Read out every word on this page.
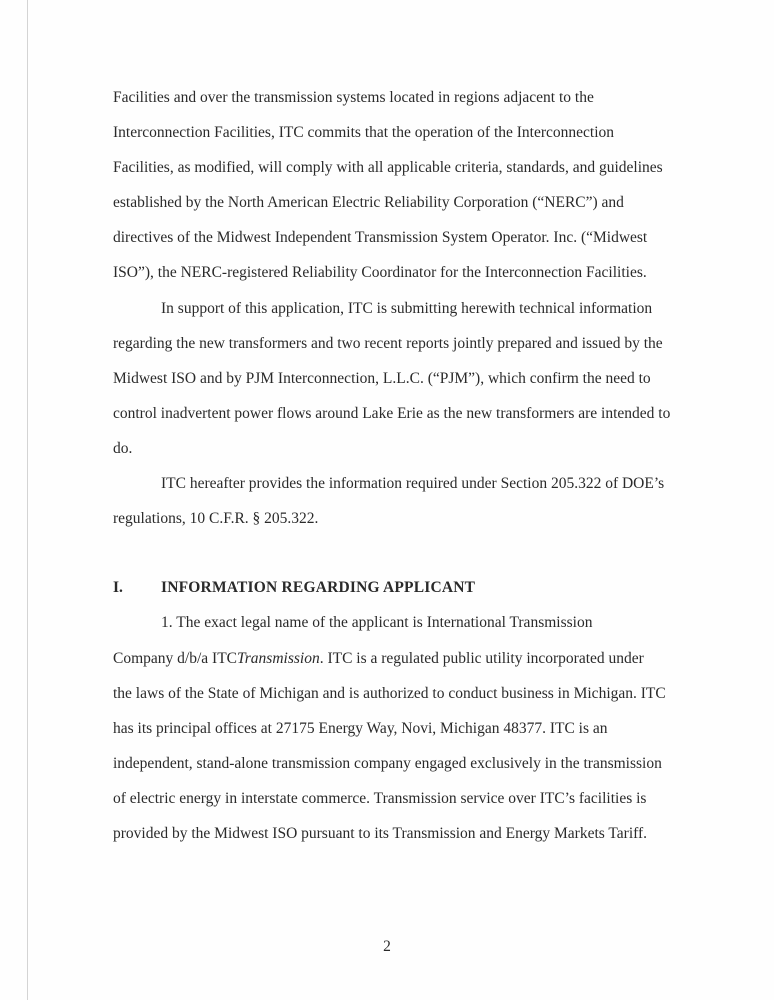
Facilities and over the transmission systems located in regions adjacent to the
Interconnection Facilities, ITC commits that the operation of the Interconnection
Facilities, as modified, will comply with all applicable criteria, standards, and guidelines
established by the North American Electric Reliability Corporation (“NERC”) and
directives of the Midwest Independent Transmission System Operator. Inc. (“Midwest
ISO”), the NERC-registered Reliability Coordinator for the Interconnection Facilities.
In support of this application, ITC is submitting herewith technical information
regarding the new transformers and two recent reports jointly prepared and issued by the
Midwest ISO and by PJM Interconnection, L.L.C. (“PJM”), which confirm the need to
control inadvertent power flows around Lake Erie as the new transformers are intended to
do.
ITC hereafter provides the information required under Section 205.322 of DOE’s
regulations, 10 C.F.R. § 205.322.
I. INFORMATION REGARDING APPLICANT
1. The exact legal name of the applicant is International Transmission
Company d/b/a ITCTransmission. ITC is a regulated public utility incorporated under
the laws of the State of Michigan and is authorized to conduct business in Michigan. ITC
has its principal offices at 27175 Energy Way, Novi, Michigan 48377. ITC is an
independent, stand-alone transmission company engaged exclusively in the transmission
of electric energy in interstate commerce. Transmission service over ITC’s facilities is
provided by the Midwest ISO pursuant to its Transmission and Energy Markets Tariff.
2
